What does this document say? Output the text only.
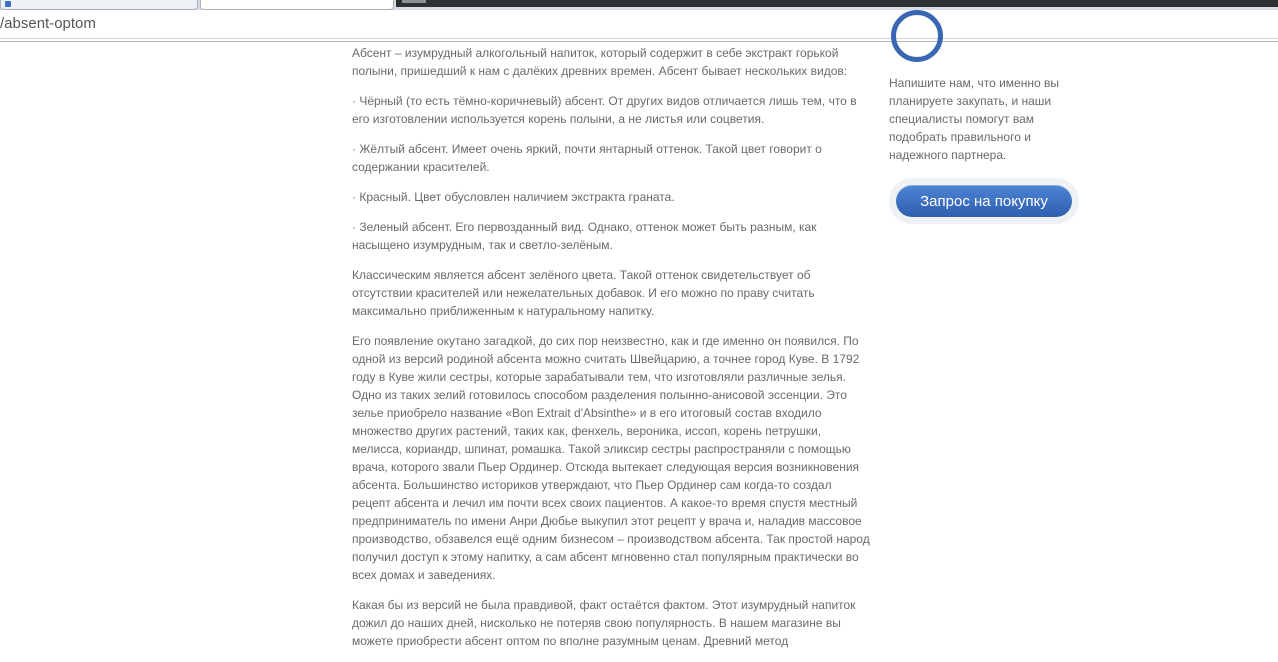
/absent-optom

Абсент – изумрудный алкогольный напиток, который содержит в себе экстракт горькой полыни, пришедший к нам с далёких древних времен. Абсент бывает нескольких видов:

· Чёрный (то есть тёмно-коричневый) абсент. От других видов отличается лишь тем, что в его изготовлении используется корень полыни, а не листья или соцветия.

· Жёлтый абсент. Имеет очень яркий, почти янтарный оттенок. Такой цвет говорит о содержании красителей.

· Красный. Цвет обусловлен наличием экстракта граната.

· Зеленый абсент. Его первозданный вид. Однако, оттенок может быть разным, как насыщено изумрудным, так и светло-зелёным.

Классическим является абсент зелёного цвета. Такой оттенок свидетельствует об отсутствии красителей или нежелательных добавок. И его можно по праву считать максимально приближенным к натуральному напитку.

Его появление окутано загадкой, до сих пор неизвестно, как и где именно он появился. По одной из версий родиной абсента можно считать Швейцарию, а точнее город Куве. В 1792 году в Куве жили сестры, которые зарабатывали тем, что изготовляли различные зелья. Одно из таких зелий готовилось способом разделения полынно-анисовой эссенции. Это зелье приобрело название «Bon Extrait d'Absinthe» и в его итоговый состав входило множество других растений, таких как, фенхель, вероника, иссоп, корень петрушки, мелисса, кориандр, шпинат, ромашка. Такой эликсир сестры распространяли с помощью врача, которого звали Пьер Ординер. Отсюда вытекает следующая версия возникновения абсента. Большинство историков утверждают, что Пьер Ординер сам когда-то создал рецепт абсента и лечил им почти всех своих пациентов. А какое-то время спустя местный предприниматель по имени Анри Дюбье выкупил этот рецепт у врача и, наладив массовое производство, обзавелся ещё одним бизнесом – производством абсента. Так простой народ получил доступ к этому напитку, а сам абсент мгновенно стал популярным практически во всех домах и заведениях.

Какая бы из версий не была правдивой, факт остаётся фактом. Этот изумрудный напиток дожил до наших дней, нисколько не потеряв свою популярность. В нашем магазине вы можете приобрести абсент оптом по вполне разумным ценам. Древний метод

Напишите нам, что именно вы планируете закупать, и наши специалисты помогут вам подобрать правильного и надежного партнера.
Запрос на покупку
